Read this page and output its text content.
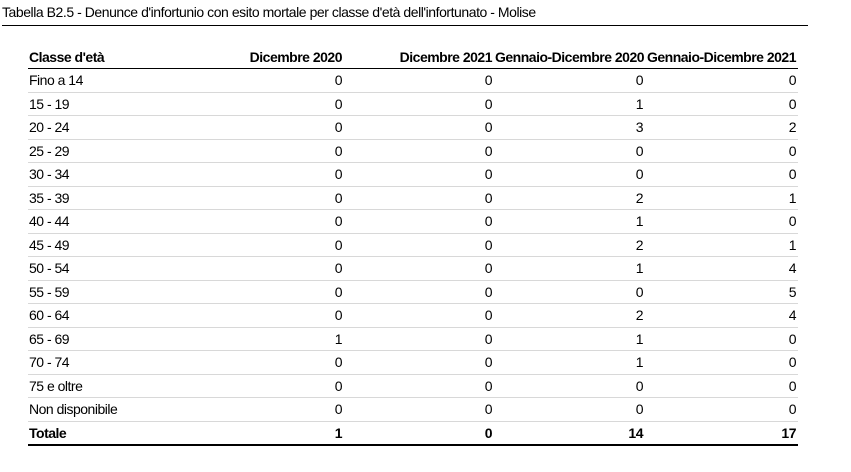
Tabella B2.5 - Denunce d'infortunio con esito mortale per classe d'età dell'infortunato - Molise
Classe d'età	Dicembre 2020	Dicembre 2021	Gennaio-Dicembre 2020	Gennaio-Dicembre 2021
Fino a 14	0	0	0	0
15 - 19	0	0	1	0
20 - 24	0	0	3	2
25 - 29	0	0	0	0
30 - 34	0	0	0	0
35 - 39	0	0	2	1
40 - 44	0	0	1	0
45 - 49	0	0	2	1
50 - 54	0	0	1	4
55 - 59	0	0	0	5
60 - 64	0	0	2	4
65 - 69	1	0	1	0
70 - 74	0	0	1	0
75 e oltre	0	0	0	0
Non disponibile	0	0	0	0
Totale	1	0	14	17
